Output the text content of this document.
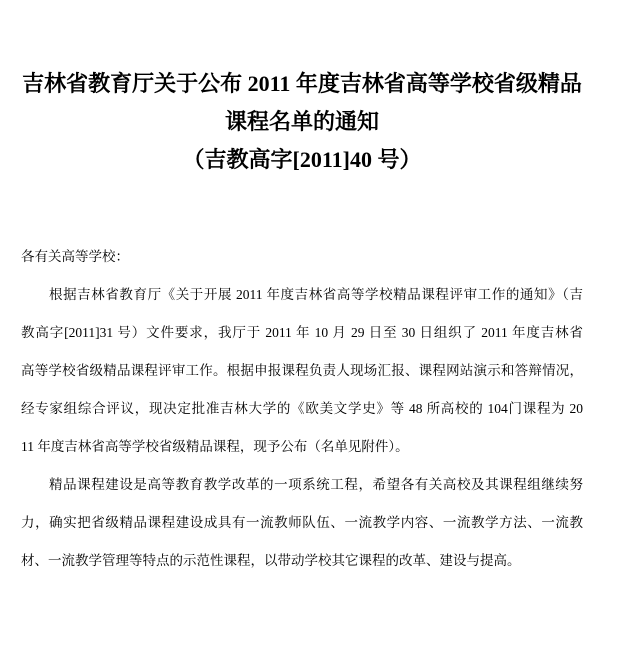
吉林省教育厅关于公布 2011 年度吉林省高等学校省级精品
课程名单的通知
（吉教高字[2011]40 号）
各有关高等学校：
根据吉林省教育厅《关于开展 2011 年度吉林省高等学校精品课程评审工作的通知》（吉
教高字[2011]31 号）文件要求，我厅于 2011 年 10 月 29 日至 30 日组织了 2011 年度吉林省
高等学校省级精品课程评审工作。根据申报课程负责人现场汇报、课程网站演示和答辩情况，
经专家组综合评议，现决定批准吉林大学的《欧美文学史》等 48 所高校的 104门课程为 20
11 年度吉林省高等学校省级精品课程，现予公布（名单见附件）。
精品课程建设是高等教育教学改革的一项系统工程，希望各有关高校及其课程组继续努
力，确实把省级精品课程建设成具有一流教师队伍、一流教学内容、一流教学方法、一流教
材、一流教学管理等特点的示范性课程，以带动学校其它课程的改革、建设与提高。
